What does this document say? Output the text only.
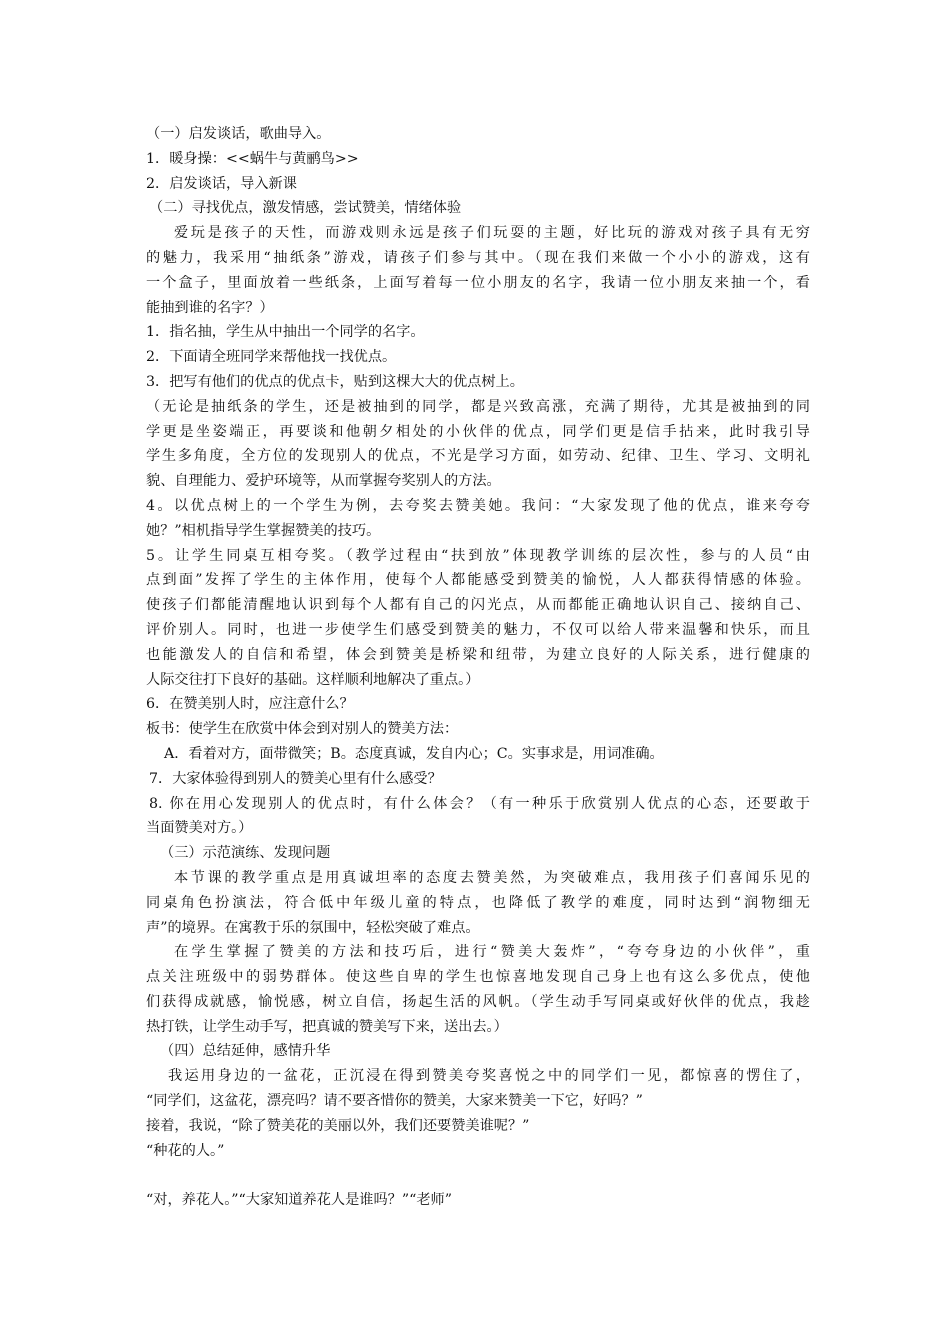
（一）启发谈话，歌曲导入。
1．暖身操：<<蜗牛与黄鹂鸟>>
2．启发谈话，导入新课
（二）寻找优点，激发情感，尝试赞美，情绪体验
爱玩是孩子的天性，而游戏则永远是孩子们玩耍的主题，好比玩的游戏对孩子具有无穷
的魅力，我采用“抽纸条”游戏，请孩子们参与其中。（现在我们来做一个小小的游戏，这有
一个盒子，里面放着一些纸条，上面写着每一位小朋友的名字，我请一位小朋友来抽一个，看
能抽到谁的名字？）
1．指名抽，学生从中抽出一个同学的名字。
2．下面请全班同学来帮他找一找优点。
3．把写有他们的优点的优点卡，贴到这棵大大的优点树上。
（无论是抽纸条的学生，还是被抽到的同学，都是兴致高涨，充满了期待，尤其是被抽到的同
学更是坐姿端正，再要谈和他朝夕相处的小伙伴的优点，同学们更是信手拈来，此时我引导
学生多角度，全方位的发现别人的优点，不光是学习方面，如劳动、纪律、卫生、学习、文明礼
貌、自理能力、爱护环境等，从而掌握夸奖别人的方法。
4。以优点树上的一个学生为例，去夸奖去赞美她。我问：“大家发现了他的优点，谁来夸夸
她？”相机指导学生掌握赞美的技巧。
5。让学生同桌互相夸奖。（教学过程由“扶到放”体现教学训练的层次性，参与的人员“由
点到面”发挥了学生的主体作用，使每个人都能感受到赞美的愉悦，人人都获得情感的体验。
使孩子们都能清醒地认识到每个人都有自己的闪光点，从而都能正确地认识自己、接纳自己、
评价别人。同时，也进一步使学生们感受到赞美的魅力，不仅可以给人带来温馨和快乐，而且
也能激发人的自信和希望，体会到赞美是桥梁和纽带，为建立良好的人际关系，进行健康的
人际交往打下良好的基础。这样顺利地解决了重点。）
6．在赞美别人时，应注意什么？
板书：使学生在欣赏中体会到对别人的赞美方法：
A．看着对方，面带微笑；B。态度真诚，发自内心；C。实事求是，用词准确。
7．大家体验得到别人的赞美心里有什么感受？
8. 你在用心发现别人的优点时，有什么体会？（有一种乐于欣赏别人优点的心态，还要敢于
当面赞美对方。）
（三）示范演练、发现问题
本节课的教学重点是用真诚坦率的态度去赞美然，为突破难点，我用孩子们喜闻乐见的
同桌角色扮演法，符合低中年级儿童的特点，也降低了教学的难度，同时达到“润物细无
声”的境界。在寓教于乐的氛围中，轻松突破了难点。
在学生掌握了赞美的方法和技巧后，进行“赞美大轰炸”，“夸夸身边的小伙伴”，重
点关注班级中的弱势群体。使这些自卑的学生也惊喜地发现自己身上也有这么多优点，使他
们获得成就感，愉悦感，树立自信，扬起生活的风帆。（学生动手写同桌或好伙伴的优点，我趁
热打铁，让学生动手写，把真诚的赞美写下来，送出去。）
（四）总结延伸，感情升华
我运用身边的一盆花，正沉浸在得到赞美夸奖喜悦之中的同学们一见，都惊喜的愣住了，
“同学们，这盆花，漂亮吗？请不要吝惜你的赞美，大家来赞美一下它，好吗？”
接着，我说，“除了赞美花的美丽以外，我们还要赞美谁呢？”
“种花的人。”
“对，养花人。”“大家知道养花人是谁吗？”“老师”
